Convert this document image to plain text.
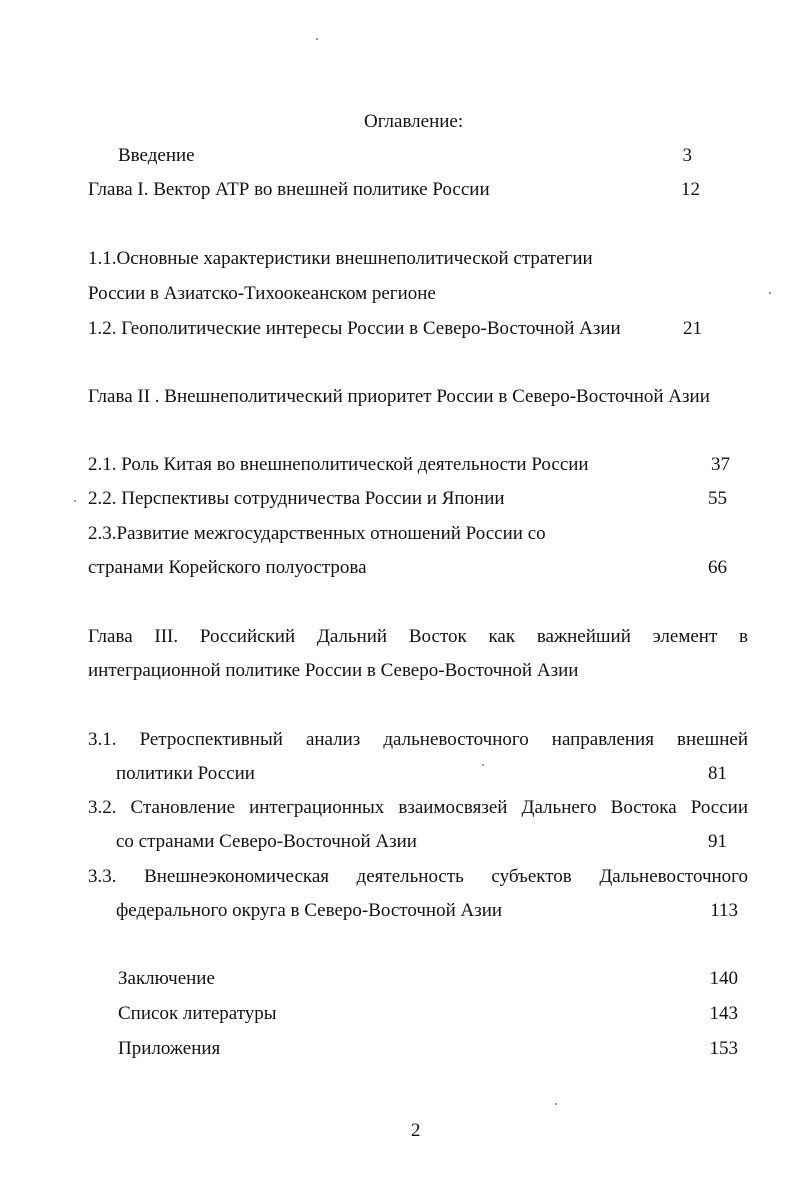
Оглавление:
Введение	3
Глава I. Вектор АТР во внешней политике России	12
1.1.Основные характеристики внешнеполитической стратегии
России в Азиатско-Тихоокеанском регионе
1.2. Геополитические интересы России в Северо-Восточной Азии	21
Глава II . Внешнеполитический приоритет России в Северо-Восточной Азии
2.1. Роль Китая во внешнеполитической деятельности России	37
2.2. Перспективы сотрудничества России и Японии	55
2.3.Развитие межгосударственных отношений России со
странами Корейского полуострова	66
Глава III. Российский Дальний Восток как важнейший элемент в
интеграционной политике России в Северо-Восточной Азии
3.1. Ретроспективный анализ дальневосточного направления внешней
политики России	81
3.2. Становление интеграционных взаимосвязей Дальнего Востока России
со странами Северо-Восточной Азии	91
3.3. Внешнеэкономическая деятельность субъектов Дальневосточного
федерального округа в Северо-Восточной Азии	113
Заключение	140
Список литературы	143
Приложения	153
2
